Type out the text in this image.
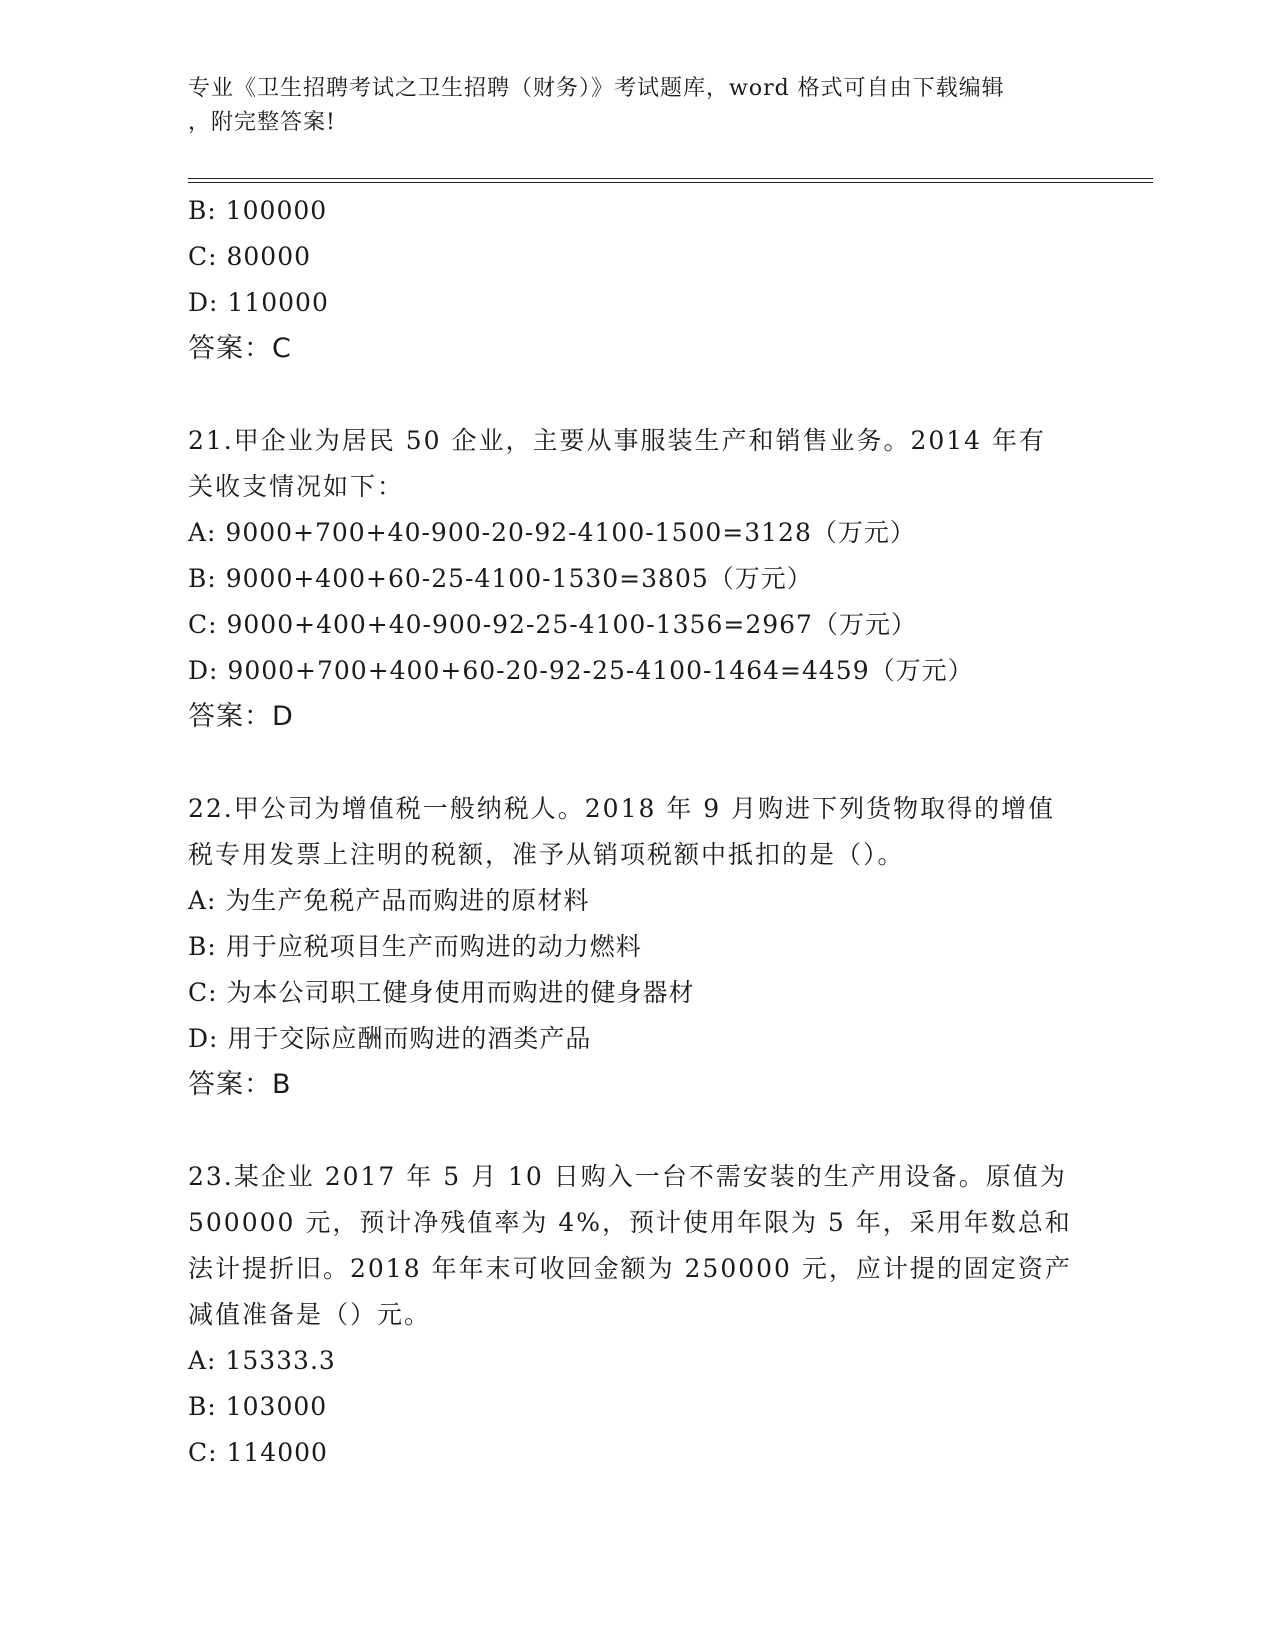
专业《卫生招聘考试之卫生招聘（财务）》考试题库，word 格式可自由下载编辑
，附完整答案!
B: 100000
C: 80000
D: 110000
答案：C
21.甲企业为居民 50 企业，主要从事服装生产和销售业务。2014 年有
关收支情况如下：
A: 9000+700+40-900-20-92-4100-1500=3128（万元）
B: 9000+400+60-25-4100-1530=3805（万元）
C: 9000+400+40-900-92-25-4100-1356=2967（万元）
D: 9000+700+400+60-20-92-25-4100-1464=4459（万元）
答案：D
22.甲公司为增值税一般纳税人。2018 年 9 月购进下列货物取得的增值
税专用发票上注明的税额，准予从销项税额中抵扣的是（）。
A: 为生产免税产品而购进的原材料
B: 用于应税项目生产而购进的动力燃料
C: 为本公司职工健身使用而购进的健身器材
D: 用于交际应酬而购进的酒类产品
答案：B
23.某企业 2017 年 5 月 10 日购入一台不需安装的生产用设备。原值为
500000 元，预计净残值率为 4%，预计使用年限为 5 年，采用年数总和
法计提折旧。2018 年年末可收回金额为 250000 元，应计提的固定资产
减值准备是（）元。
A: 15333.3
B: 103000
C: 114000
